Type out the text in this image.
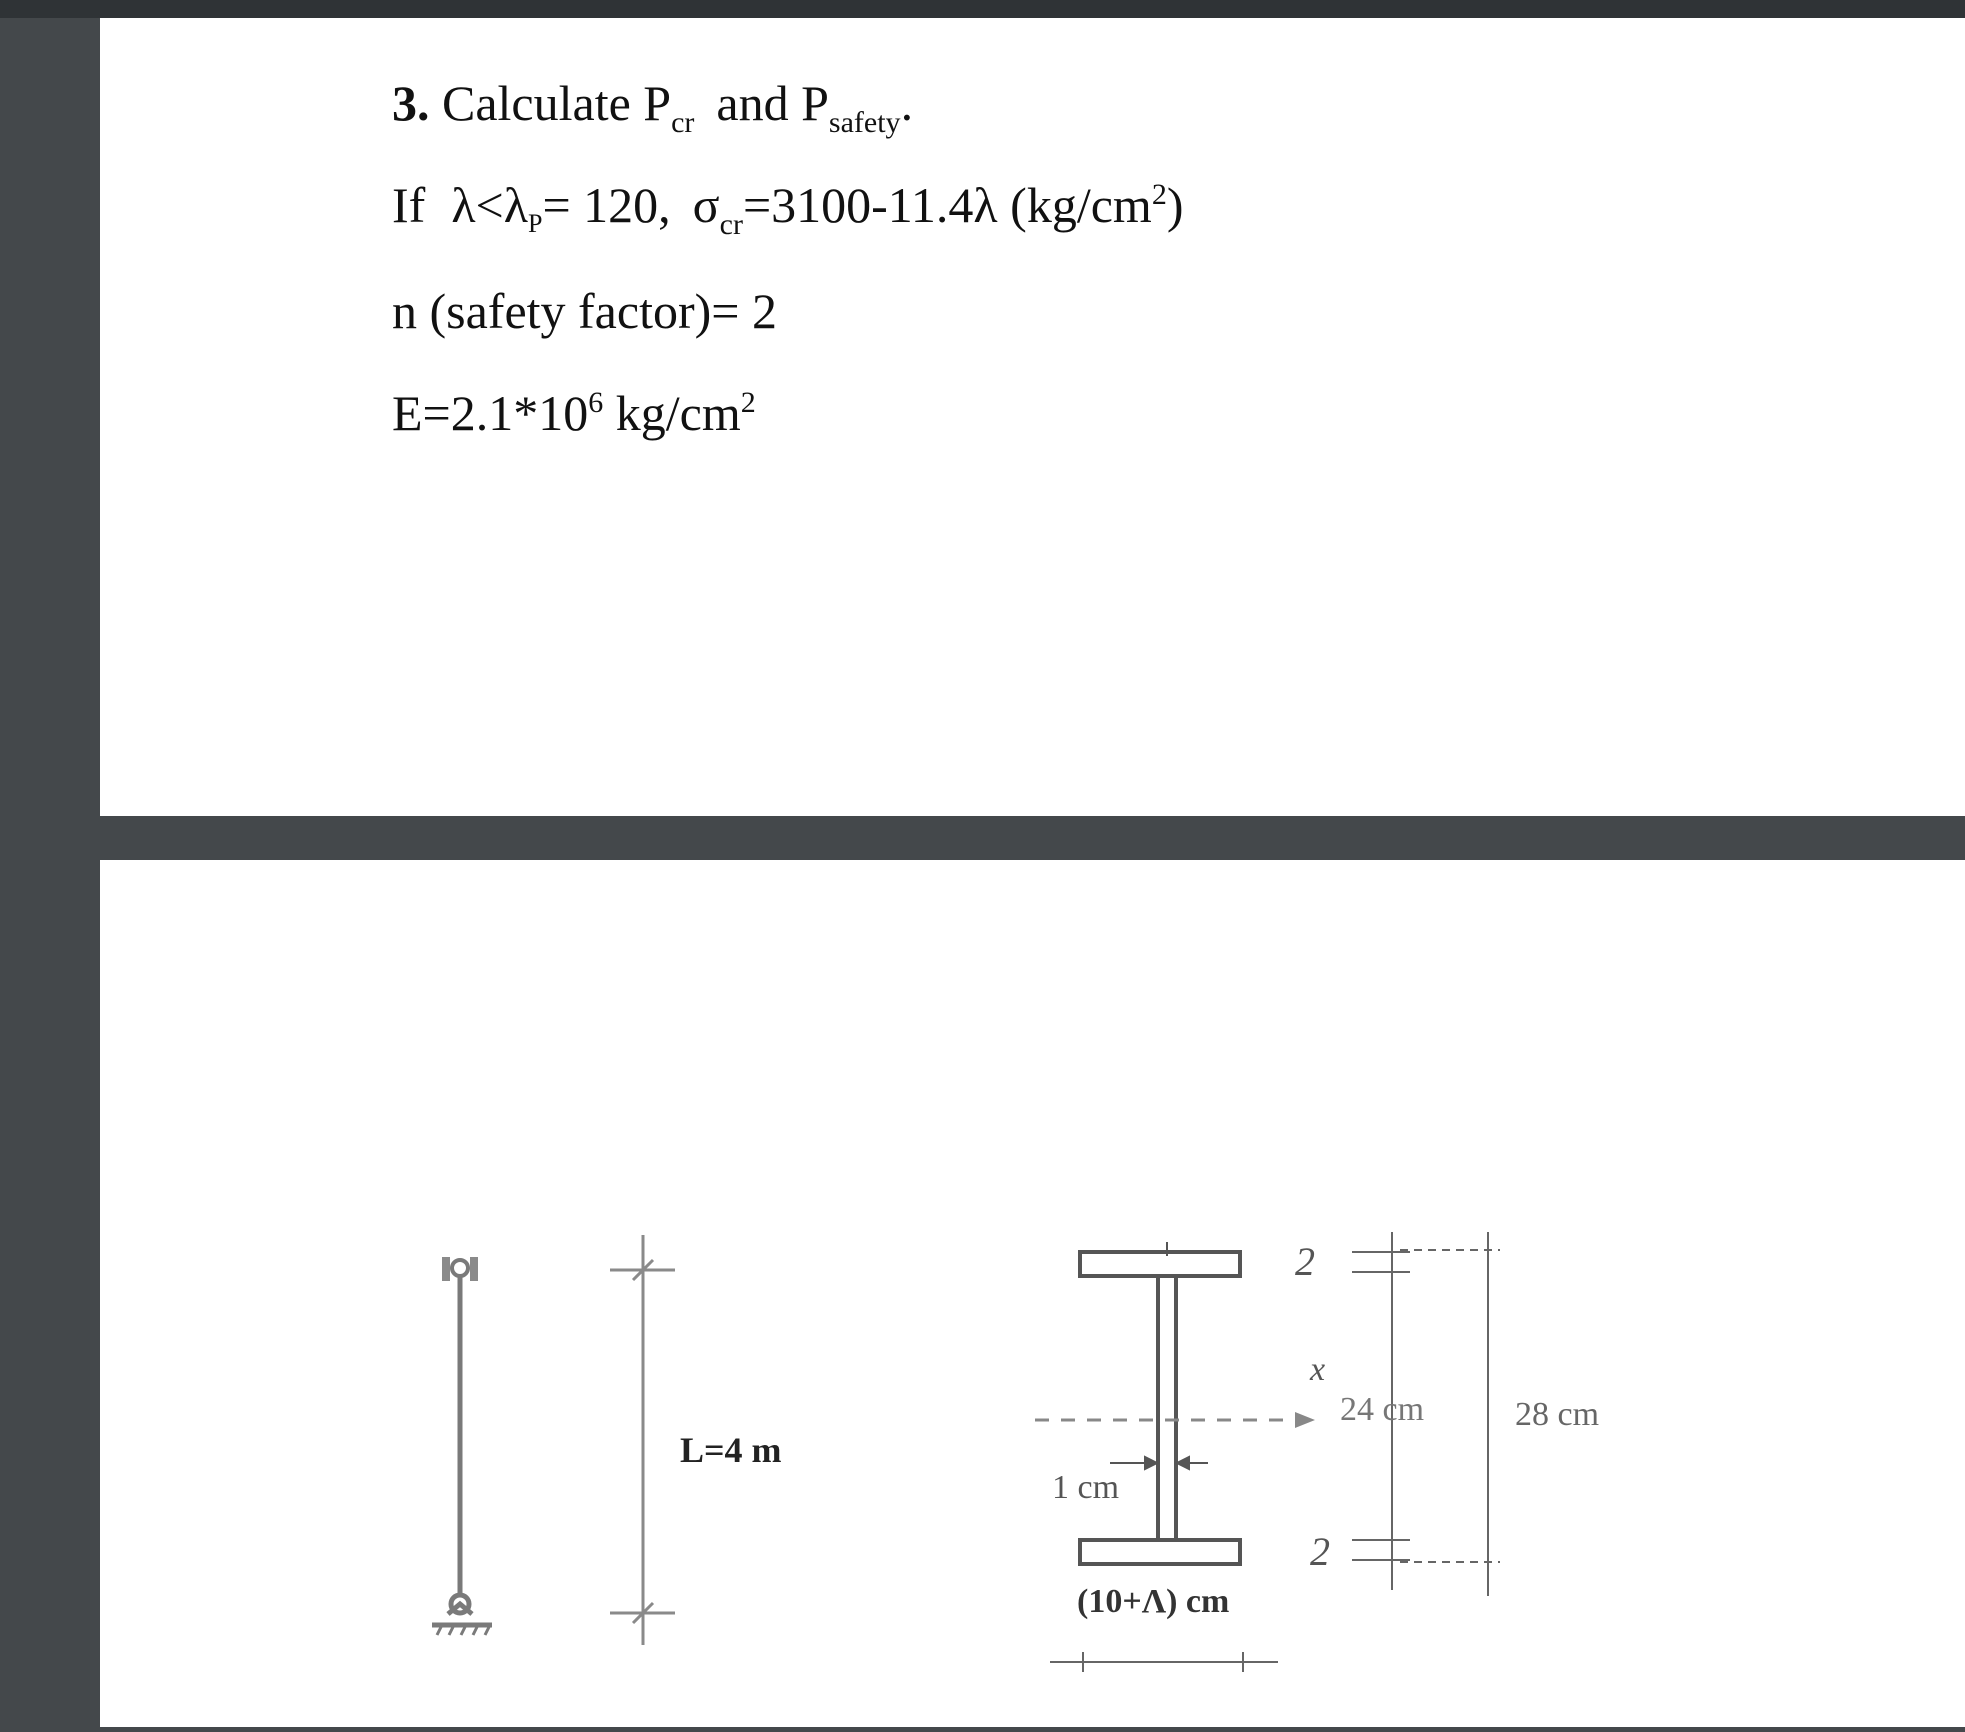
3. Calculate $P_{cr}$ and $P_{safety}$.
If $\lambda<\lambda_P= 120$, $\sigma_{cr}=3100-11.4\lambda$ $(kg/cm^2)$
n (safety factor)= 2
$E=2.1*10^6$ $kg/cm^2$
L=4 m
x
1 cm
(10+Λ) cm
2
2
24 cm	28 cm
